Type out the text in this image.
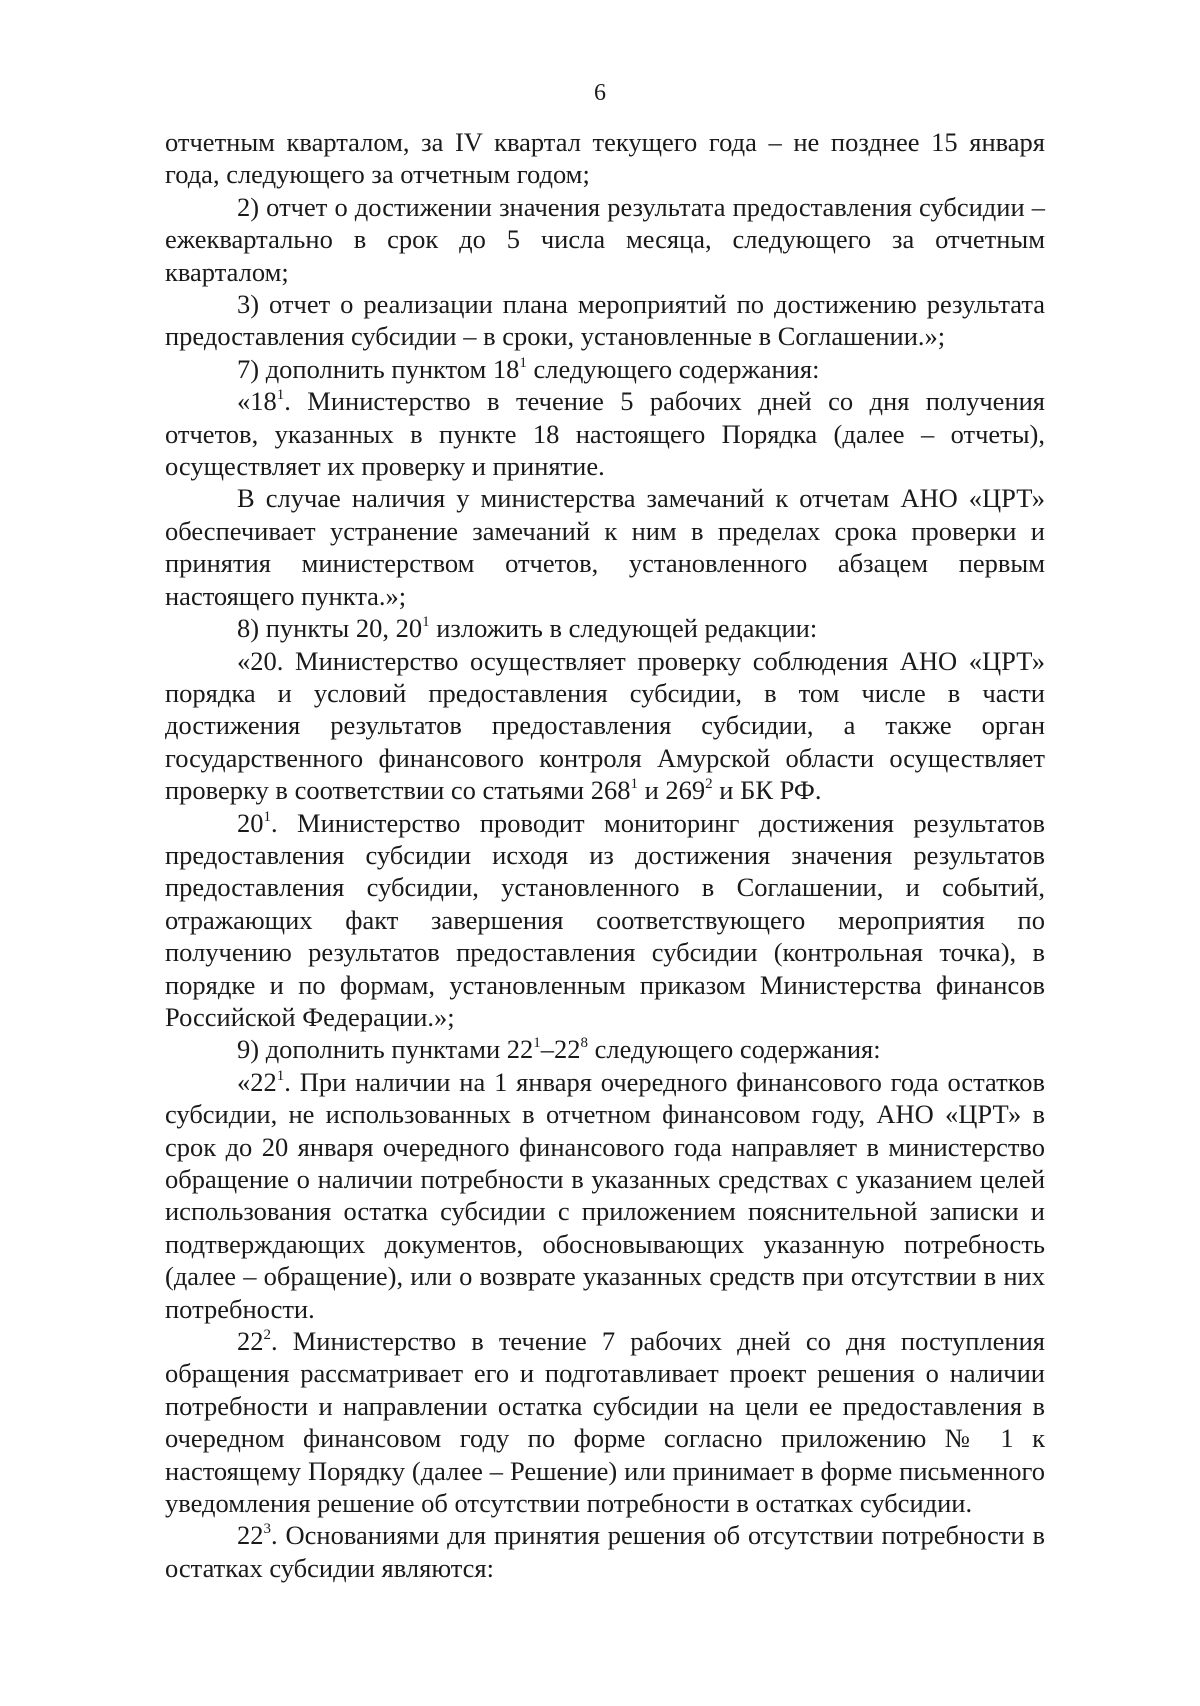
6

отчетным кварталом, за IV квартал текущего года – не позднее 15 января года, следующего за отчетным годом;

2) отчет о достижении значения результата предоставления субсидии – ежеквартально в срок до 5 числа месяца, следующего за отчетным кварталом;

3) отчет о реализации плана мероприятий по достижению результата предоставления субсидии – в сроки, установленные в Соглашении.»;

7) дополнить пунктом $18^1$ следующего содержания:

«$18^1$. Министерство в течение 5 рабочих дней со дня получения отчетов, указанных в пункте 18 настоящего Порядка (далее – отчеты), осуществляет их проверку и принятие.

В случае наличия у министерства замечаний к отчетам АНО «ЦРТ» обеспечивает устранение замечаний к ним в пределах срока проверки и принятия министерством отчетов, установленного абзацем первым настоящего пункта.»;

8) пункты 20, $20^1$ изложить в следующей редакции:

«20. Министерство осуществляет проверку соблюдения АНО «ЦРТ» порядка и условий предоставления субсидии, в том числе в части достижения результатов предоставления субсидии, а также орган государственного финансового контроля Амурской области осуществляет проверку в соответствии со статьями $268^1$ и $269^2$ и БК РФ.

$20^1$. Министерство проводит мониторинг достижения результатов предоставления субсидии исходя из достижения значения результатов предоставления субсидии, установленного в Соглашении, и событий, отражающих факт завершения соответствующего мероприятия по получению результатов предоставления субсидии (контрольная точка), в порядке и по формам, установленным приказом Министерства финансов Российской Федерации.»;

9) дополнить пунктами $22^1-22^8$ следующего содержания:

«$22^1$. При наличии на 1 января очередного финансового года остатков субсидии, не использованных в отчетном финансовом году, АНО «ЦРТ» в срок до 20 января очередного финансового года направляет в министерство обращение о наличии потребности в указанных средствах с указанием целей использования остатка субсидии с приложением пояснительной записки и подтверждающих документов, обосновывающих указанную потребность (далее – обращение), или о возврате указанных средств при отсутствии в них потребности.

$22^2$. Министерство в течение 7 рабочих дней со дня поступления обращения рассматривает его и подготавливает проект решения о наличии потребности и направлении остатка субсидии на цели ее предоставления в очередном финансовом году по форме согласно приложению № 1 к настоящему Порядку (далее – Решение) или принимает в форме письменного уведомления решение об отсутствии потребности в остатках субсидии.

$22^3$. Основаниями для принятия решения об отсутствии потребности в остатках субсидии являются:
